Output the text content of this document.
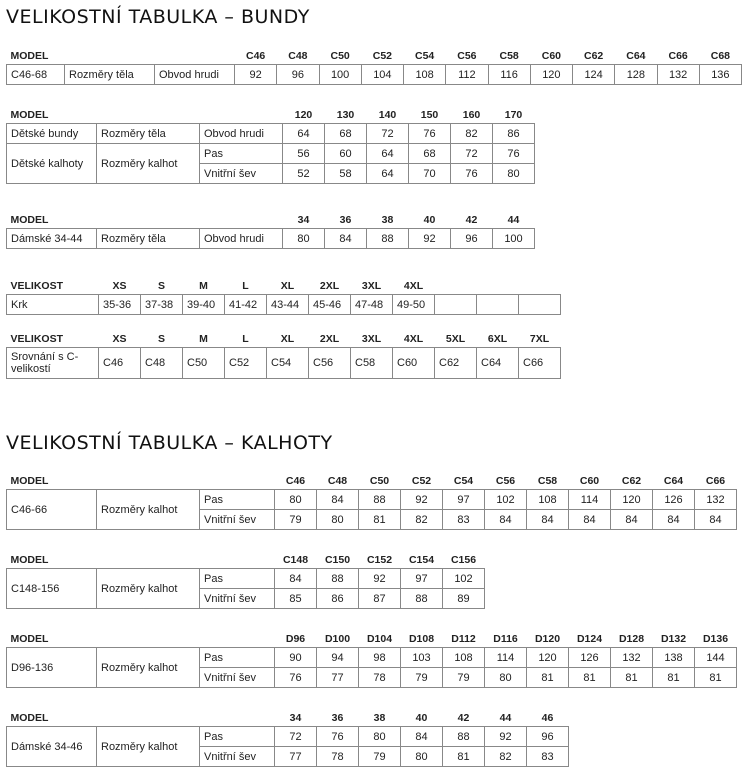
VELIKOSTNÍ TABULKA – BUNDY
MODEL			C46	C48	C50	C52	C54	C56	C58	C60	C62	C64	C66	C68
C46-68	Rozměry těla	Obvod hrudi	92	96	100	104	108	112	116	120	124	128	132	136
MODEL			120	130	140	150	160	170
Dětské bundy	Rozměry těla	Obvod hrudi	64	68	72	76	82	86
Dětské kalhoty	Rozměry kalhot	Pas	56	60	64	68	72	76
		Vnitřní šev	52	58	64	70	76	80
MODEL			34	36	38	40	42	44
Dámské 34-44	Rozměry těla	Obvod hrudi	80	84	88	92	96	100
VELIKOST	XS	S	M	L	XL	2XL	3XL	4XL			
Krk	35-36	37-38	39-40	41-42	43-44	45-46	47-48	49-50			
VELIKOST	XS	S	M	L	XL	2XL	3XL	4XL	5XL	6XL	7XL
Srovnání s C-velikostí	C46	C48	C50	C52	C54	C56	C58	C60	C62	C64	C66
VELIKOSTNÍ TABULKA – KALHOTY
MODEL			C46	C48	C50	C52	C54	C56	C58	C60	C62	C64	C66
C46-66	Rozměry kalhot	Pas	80	84	88	92	97	102	108	114	120	126	132
		Vnitřní šev	79	80	81	82	83	84	84	84	84	84	84
MODEL			C148	C150	C152	C154	C156
C148-156	Rozměry kalhot	Pas	84	88	92	97	102
		Vnitřní šev	85	86	87	88	89
MODEL			D96	D100	D104	D108	D112	D116	D120	D124	D128	D132	D136
D96-136	Rozměry kalhot	Pas	90	94	98	103	108	114	120	126	132	138	144
		Vnitřní šev	76	77	78	79	79	80	81	81	81	81	81
MODEL			34	36	38	40	42	44	46
Dámské 34-46	Rozměry kalhot	Pas	72	76	80	84	88	92	96
		Vnitřní šev	77	78	79	80	81	82	83
